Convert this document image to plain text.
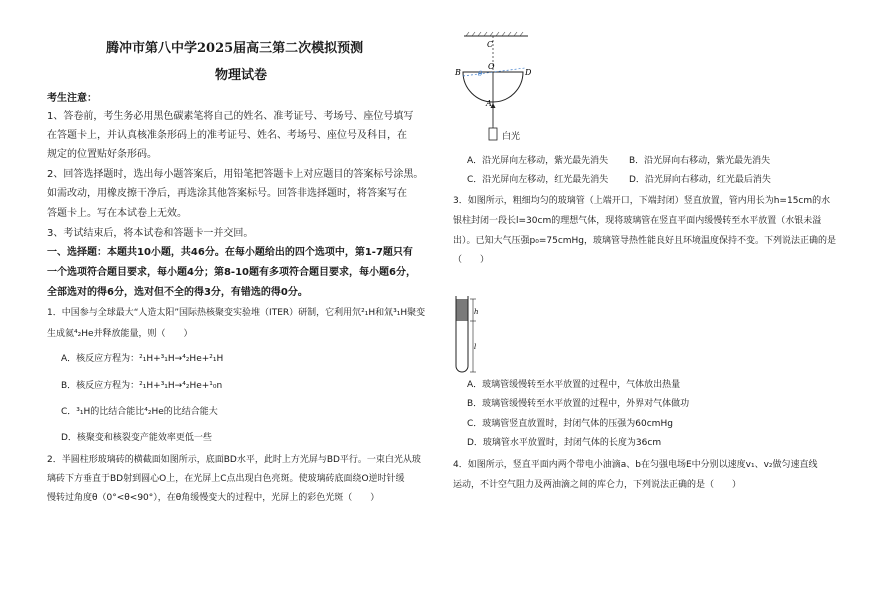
腾冲市第八中学2025届高三第二次模拟预测
物理试卷
考生注意：
1、答卷前，考生务必用黑色碳素笔将自己的姓名、准考证号、考场号、座位号填写
在答题卡上，并认真核准条形码上的准考证号、姓名、考场号、座位号及科目，在
规定的位置贴好条形码。
2、回答选择题时，选出每小题答案后，用铅笔把答题卡上对应题目的答案标号涂黑。
如需改动，用橡皮擦干净后，再选涂其他答案标号。回答非选择题时，将答案写在
答题卡上。写在本试卷上无效。
3、考试结束后，将本试卷和答题卡一并交回。
一、选择题：本题共10小题，共46分。在每小题给出的四个选项中，第1-7题只有
一个选项符合题目要求，每小题4分；第8-10题有多项符合题目要求，每小题6分，
全部选对的得6分，选对但不全的得3分，有错选的得0分。
1．中国参与全球最大“人造太阳”国际热核聚变实验堆（ITER）研制，它利用氘²₁H和氚³₁H聚变
生成氦⁴₂He并释放能量，则（　　）
A．核反应方程为：²₁H+³₁H→⁴₂He+²₁H
B．核反应方程为：²₁H+³₁H→⁴₂He+¹₀n
C．³₁H的比结合能比⁴₂He的比结合能大
D．核聚变和核裂变产能效率更低一些
2．半圆柱形玻璃砖的横截面如图所示，底面BD水平，此时上方光屏与BD平行。一束白光从玻
璃砖下方垂直于BD射到圆心O上，在光屏上C点出现白色亮斑。使玻璃砖底面绕O逆时针缓
慢转过角度θ（0°<θ<90°），在θ角缓慢变大的过程中，光屏上的彩色光斑（　　）
C
O
B	D
θ
A
白光
A．沿光屏向左移动，紫光最先消失 B．沿光屏向右移动，紫光最先消失
C．沿光屏向左移动，红光最先消失 D．沿光屏向右移动，红光最后消失
3．如图所示，粗细均匀的玻璃管（上端开口，下端封闭）竖直放置，管内用长为h=15cm的水
银柱封闭一段长l=30cm的理想气体，现将玻璃管在竖直平面内缓慢转至水平放置（水银未溢
出）。已知大气压强p₀=75cmHg，玻璃管导热性能良好且环境温度保持不变。下列说法正确的是
（　　）
h
l
A．玻璃管缓慢转至水平放置的过程中，气体放出热量
B．玻璃管缓慢转至水平放置的过程中，外界对气体做功
C．玻璃管竖直放置时，封闭气体的压强为60cmHg
D．玻璃管水平放置时，封闭气体的长度为36cm
4．如图所示，竖直平面内两个带电小油滴a、b在匀强电场E中分别以速度v₁、v₂做匀速直线
运动，不计空气阻力及两油滴之间的库仑力，下列说法正确的是（　　）
